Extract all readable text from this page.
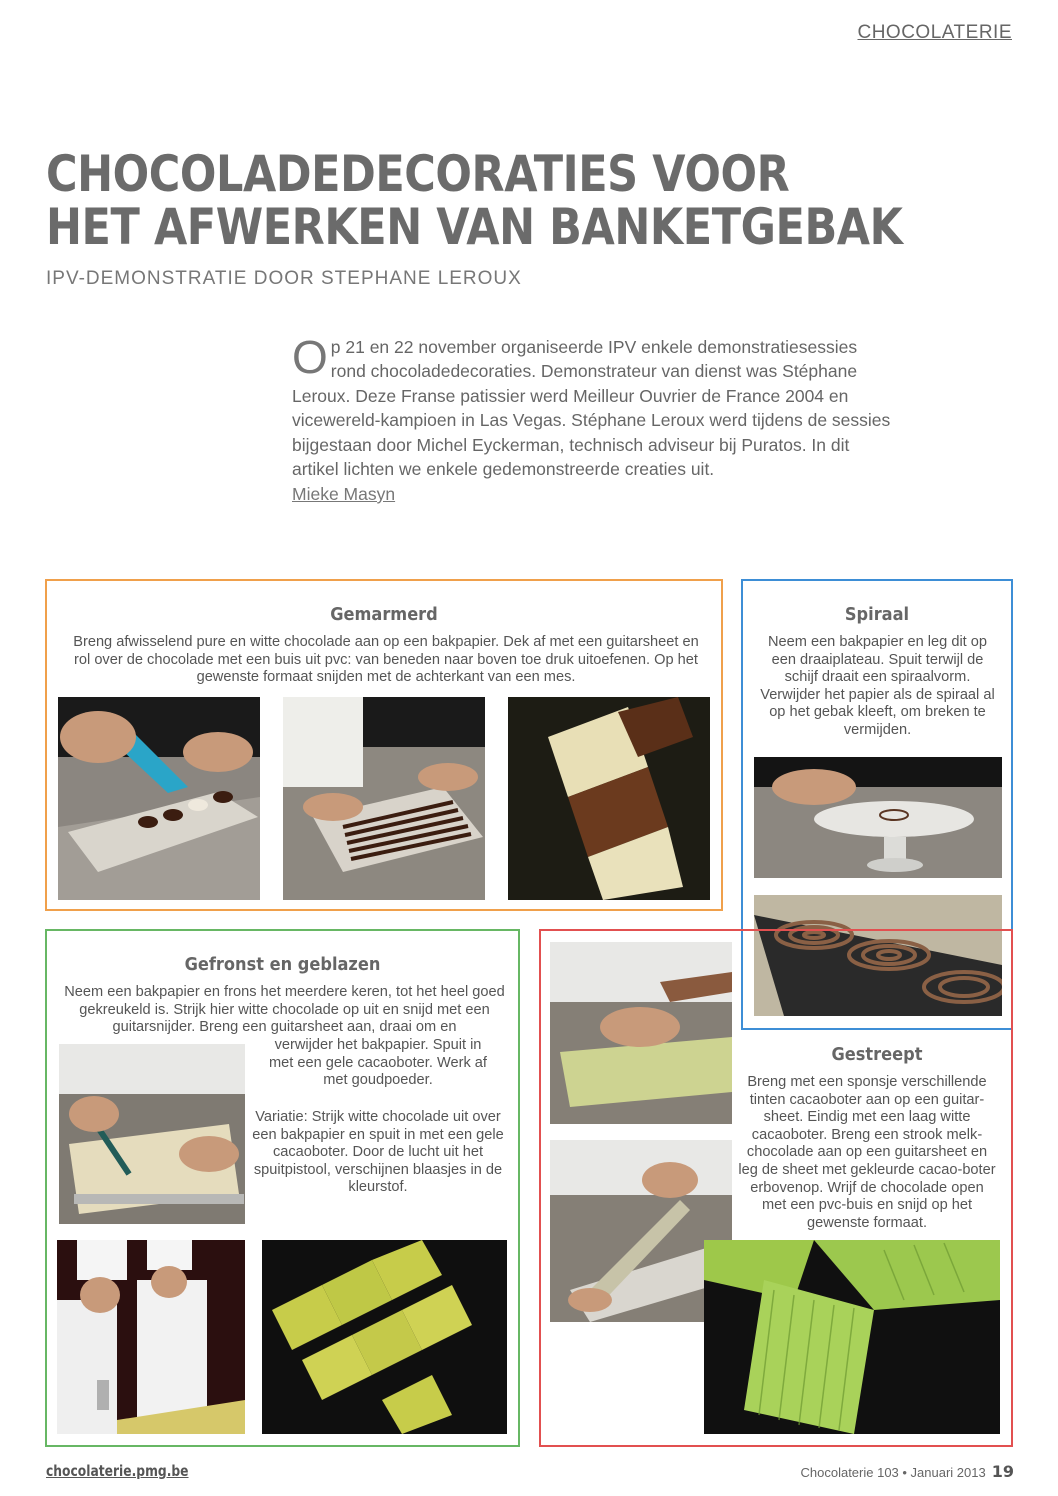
CHOCOLATERIE
CHOCOLADEDECORATIES VOOR
HET AFWERKEN VAN BANKETGEBAK
IPV-DEMONSTRATIE DOOR STEPHANE LEROUX
Op 21 en 22 november organiseerde IPV enkele demonstratiesessies rond chocoladedecoraties. Demonstrateur van dienst was Stéphane Leroux. Deze Franse patissier werd Meilleur Ouvrier de France 2004 en vicewereld-kampioen in Las Vegas. Stéphane Leroux werd tijdens de sessies bijgestaan door Michel Eyckerman, technisch adviseur bij Puratos. In dit artikel lichten we enkele gedemonstreerde creaties uit.
Mieke Masyn
Gemarmerd
Breng afwisselend pure en witte chocolade aan op een bakpapier. Dek af met een guitarsheet en rol over de chocolade met een buis uit pvc: van beneden naar boven toe druk uitoefenen. Op het gewenste formaat snijden met de achterkant van een mes.
Spiraal
Neem een bakpapier en leg dit op een draaiplateau. Spuit terwijl de schijf draait een spiraalvorm. Verwijder het papier als de spiraal al op het gebak kleeft, om breken te vermijden.
Gefronst en geblazen
Neem een bakpapier en frons het meerdere keren, tot het heel goed gekreukeld is. Strijk hier witte chocolade op uit en snijd met een guitarsnijder. Breng een guitarsheet aan, draai om en
verwijder het bakpapier. Spuit in met een gele cacaoboter. Werk af met goudpoeder.
Variatie: Strijk witte chocolade uit over een bakpapier en spuit in met een gele cacaoboter. Door de lucht uit het spuitpistool, verschijnen blaasjes in de kleurstof.
Gestreept
Breng met een sponsje verschillende tinten cacaoboter aan op een guitar-sheet. Eindig met een laag witte cacaoboter. Breng een strook melk-chocolade aan op een guitarsheet en leg de sheet met gekleurde cacao-boter erbovenop. Wrijf de chocolade open met een pvc-buis en snijd op het gewenste formaat.
chocolaterie.pmg.be	Chocolaterie 103 • Januari 2013 19
